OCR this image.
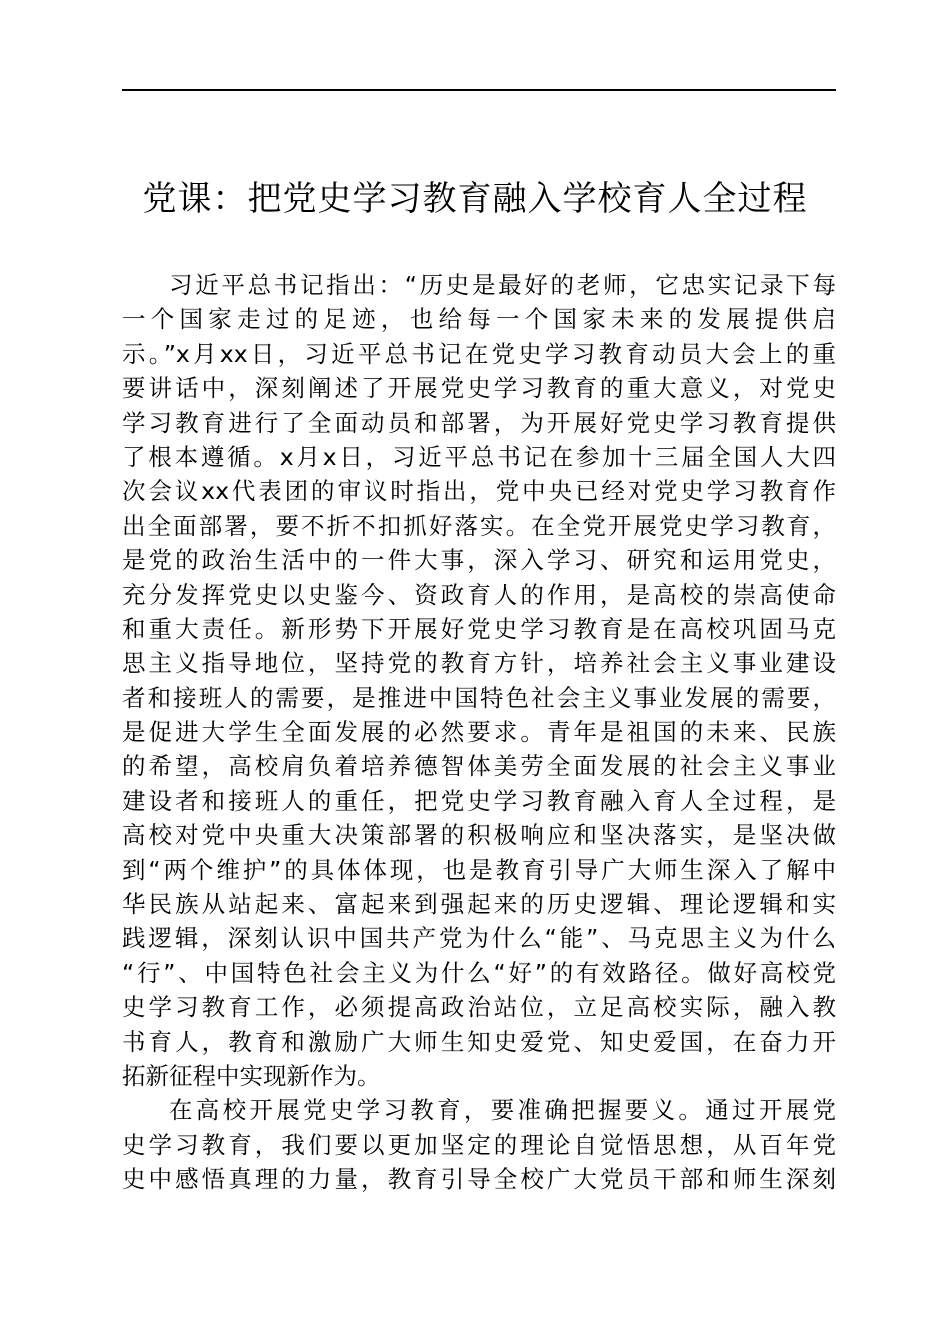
党课：把党史学习教育融入学校育人全过程
习近平总书记指出：“历史是最好的老师，它忠实记录下每
一个国家走过的足迹，也给每一个国家未来的发展提供启
示。”x月xx日，习近平总书记在党史学习教育动员大会上的重
要讲话中，深刻阐述了开展党史学习教育的重大意义，对党史
学习教育进行了全面动员和部署，为开展好党史学习教育提供
了根本遵循。x月x日，习近平总书记在参加十三届全国人大四
次会议xx代表团的审议时指出，党中央已经对党史学习教育作
出全面部署，要不折不扣抓好落实。在全党开展党史学习教育，
是党的政治生活中的一件大事，深入学习、研究和运用党史，
充分发挥党史以史鉴今、资政育人的作用，是高校的崇高使命
和重大责任。新形势下开展好党史学习教育是在高校巩固马克
思主义指导地位，坚持党的教育方针，培养社会主义事业建设
者和接班人的需要，是推进中国特色社会主义事业发展的需要，
是促进大学生全面发展的必然要求。青年是祖国的未来、民族
的希望，高校肩负着培养德智体美劳全面发展的社会主义事业
建设者和接班人的重任，把党史学习教育融入育人全过程，是
高校对党中央重大决策部署的积极响应和坚决落实，是坚决做
到“两个维护”的具体体现，也是教育引导广大师生深入了解中
华民族从站起来、富起来到强起来的历史逻辑、理论逻辑和实
践逻辑，深刻认识中国共产党为什么“能”、马克思主义为什么
“行”、中国特色社会主义为什么“好”的有效路径。做好高校党
史学习教育工作，必须提高政治站位，立足高校实际，融入教
书育人，教育和激励广大师生知史爱党、知史爱国，在奋力开
拓新征程中实现新作为。
在高校开展党史学习教育，要准确把握要义。通过开展党
史学习教育，我们要以更加坚定的理论自觉悟思想，从百年党
史中感悟真理的力量，教育引导全校广大党员干部和师生深刻
